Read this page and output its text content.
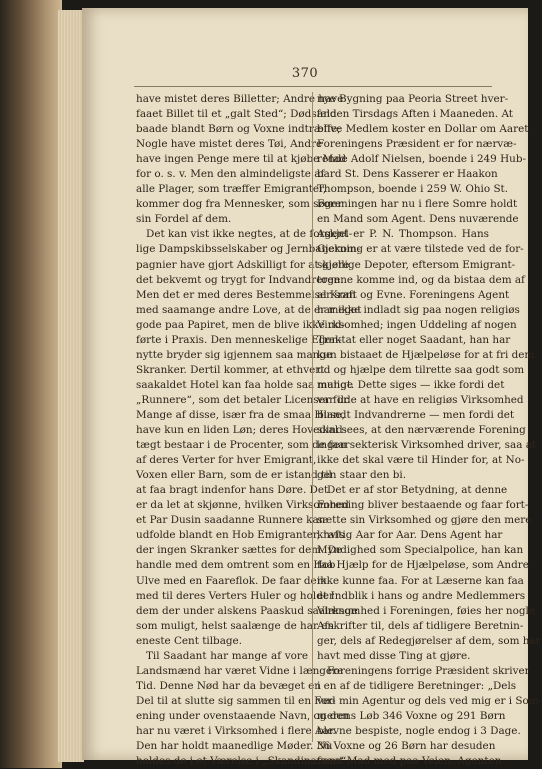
370
have mistet deres Billetter; Andre have
faaet Billet til et „galt Sted“; Dødsfald
baade blandt Børn og Voxne indtræffe;
Nogle have mistet deres Tøi, Andre
have ingen Penge mere til at kjøbe Mad
for o. s. v. Men den almindeligste af
alle Plager, som træffer Emigranter,
kommer dog fra Mennesker, som søger
sin Fordel af dem.
Det kan vist ikke negtes, at de forskjel-
lige Dampskibsselskaber og Jernbanekom-
pagnier have gjort Adskilligt for at gjøre
det bekvemt og trygt for Indvandreren.
Men det er med deres Bestemmelser som
med saamange andre Love, at de er meget
gode paa Papiret, men de blive ikke ud-
førte i Praxis. Den menneskelige Egen-
nytte bryder sig igjennem saa mange
Skranker. Dertil kommer, at ethvert
saakaldet Hotel kan faa holde saa mange
„Runnere“, som det betaler Licenser for.
Mange af disse, især fra de smaa Huse,
have kun en liden Løn; deres Hovedind-
tægt bestaar i de Procenter, som de faar
af deres Verter for hver Emigrant,
Voxen eller Barn, som de er istand til
at faa bragt indenfor hans Døre. Det
er da let at skjønne, hvilken Virksomhed
et Par Dusin saadanne Runnere kan
udfolde blandt en Hob Emigranter, hvis
der ingen Skranker sættes for dem. De
handle med dem omtrent som en Hob
Ulve med en Faareflok. De faar dem
med til deres Verters Huler og holder
dem der under alskens Paaskud saalænge
som muligt, helst saalænge de har en
eneste Cent tilbage.
Til Saadant har mange af vore
Landsmænd har været Vidne i længere
Tid. Denne Nød har da bevæget en
Del til at slutte sig sammen til en For-
ening under ovenstaaende Navn, og den
har nu været i Virksomhed i flere Aar.
Den har holdt maanedlige Møder. Nu
holdes de i et Værelse i „Skandinavens“
nye Bygning paa Peoria Street hver-
anden Tirsdags Aften i Maaneden. At
blive Medlem koster en Dollar om Aaret.
Foreningens Præsident er for nærvæ-
rende Adolf Nielsen, boende i 249 Hub-
bard St. Dens Kasserer er Haakon
Thompson, boende i 259 W. Ohio St.
Foreningen har nu i flere Somre holdt
en Mand som Agent. Dens nuværende
Agent er P. N. Thompson. Hans
Gjerning er at være tilstede ved de for-
skjellige Depoter, eftersom Emigrant-
togene komme ind, og da bistaa dem af
al Kraft og Evne. Foreningens Agent
har ikke indladt sig paa nogen religiøs
Virksomhed; ingen Uddeling af nogen
Traktat eller noget Saadant, han har
kun bistaaet de Hjælpeløse for at fri dem
ud og hjælpe dem tilrette saa godt som
muligt. Dette siges — ikke fordi det
var ilde at have en religiøs Virksomhed
blandt Indvandrerne — men fordi det
skal sees, at den nærværende Forening
ingen sekterisk Virksomhed driver, saa at
ikke det skal være til Hinder for, at No-
gen staar den bi.
Det er af stor Betydning, at denne
Forening bliver bestaaende og faar fort-
sætte sin Virksomhed og gjøre den mere
kraftig Aar for Aar. Dens Agent har
Myndighed som Specialpolice, han kan
faa Hjælp for de Hjælpeløse, som Andre
ikke kunne faa. For at Læserne kan faa
et Indblik i hans og andre Medlemmers
Virksomhed i Foreningen, føies her nogle
Afskrifter til, dels af tidligere Beretnin-
ger, dels af Redegjørelser af dem, som har
havt med disse Ting at gjøre.
Foreningens forrige Præsident skriver
i en af de tidligere Beretninger: „Dels
ved min Agentur og dels ved mig er i Som-
merens Løb 346 Voxne og 291 Børn
blevne bespiste, nogle endog i 3 Dage.
36 Voxne og 26 Børn har desuden
faaet Mad med paa Veien. Agenten
